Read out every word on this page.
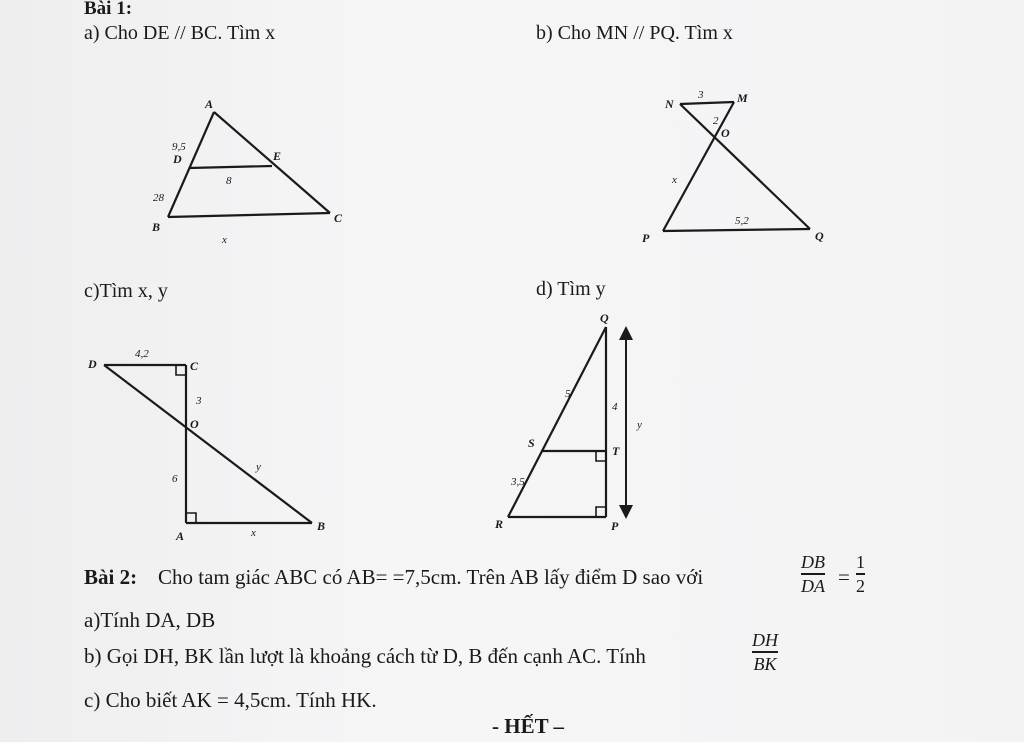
Bài 1:
a) Cho DE // BC. Tìm x	b) Cho MN // PQ. Tìm x
c)Tìm x, y	d) Tìm y
A
D	E
B
C
9,5
28
8
x
N	M
O
P	Q
3
2
x
5,2
D	C
O
A
B
4,2
3
6
x
y
Q
S
T
R	P
5
3,5
4
y
Bài 2: Cho tam giác ABC có AB= =7,5cm. Trên AB lấy điểm D sao với
DB
DA =
1
2
a)Tính DA, DB
b) Gọi DH, BK lần lượt là khoảng cách từ D, B đến cạnh AC. Tính
DH
BK
c) Cho biết AK = 4,5cm. Tính HK.
- HẾT –
